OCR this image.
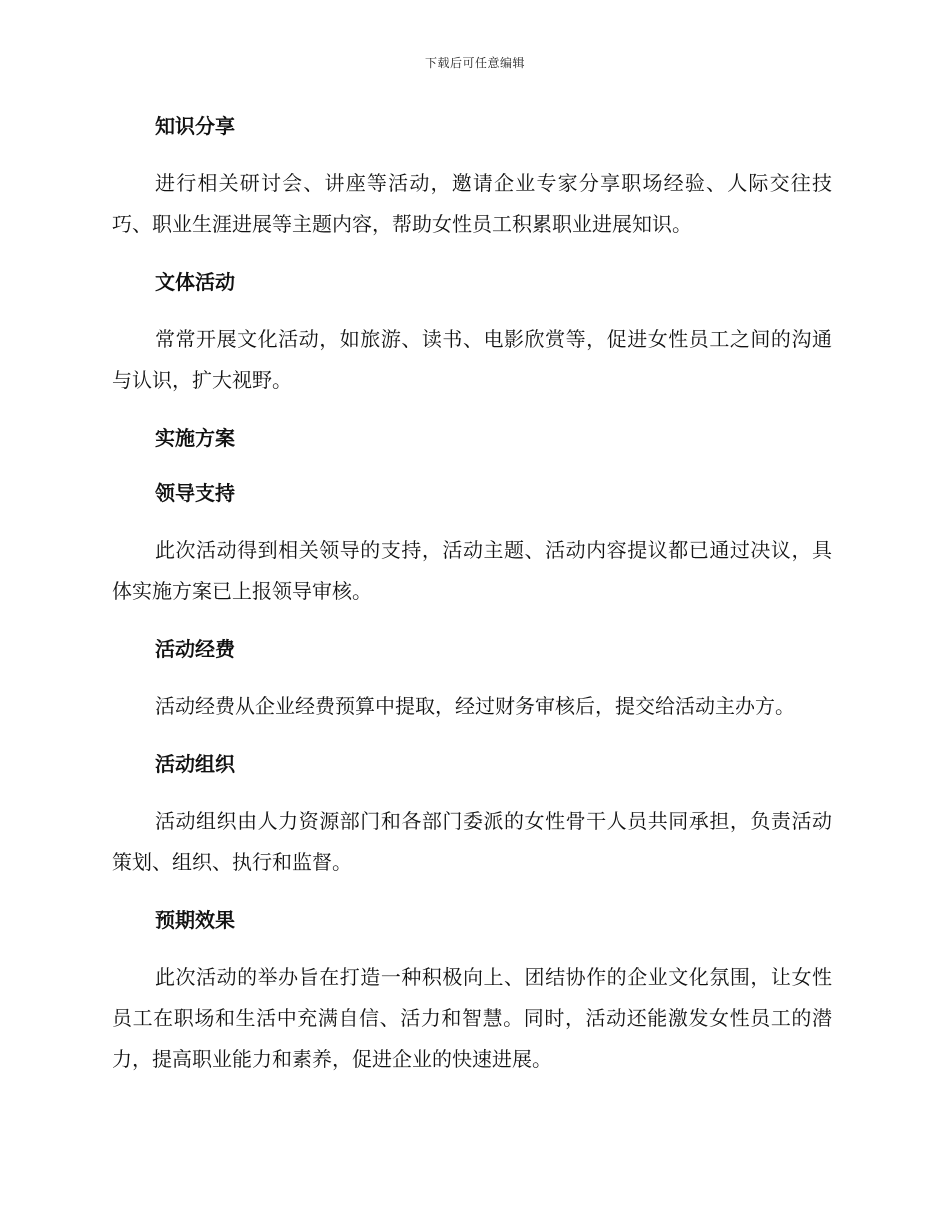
下载后可任意编辑
知识分享

进行相关研讨会、讲座等活动，邀请企业专家分享职场经验、人际交往技巧、职业生涯进展等主题内容，帮助女性员工积累职业进展知识。

文体活动

常常开展文化活动，如旅游、读书、电影欣赏等，促进女性员工之间的沟通与认识，扩大视野。

实施方案
领导支持

此次活动得到相关领导的支持，活动主题、活动内容提议都已通过决议，具体实施方案已上报领导审核。

活动经费

活动经费从企业经费预算中提取，经过财务审核后，提交给活动主办方。

活动组织

活动组织由人力资源部门和各部门委派的女性骨干人员共同承担，负责活动策划、组织、执行和监督。

预期效果

此次活动的举办旨在打造一种积极向上、团结协作的企业文化氛围，让女性员工在职场和生活中充满自信、活力和智慧。同时，活动还能激发女性员工的潜力，提高职业能力和素养，促进企业的快速进展。
